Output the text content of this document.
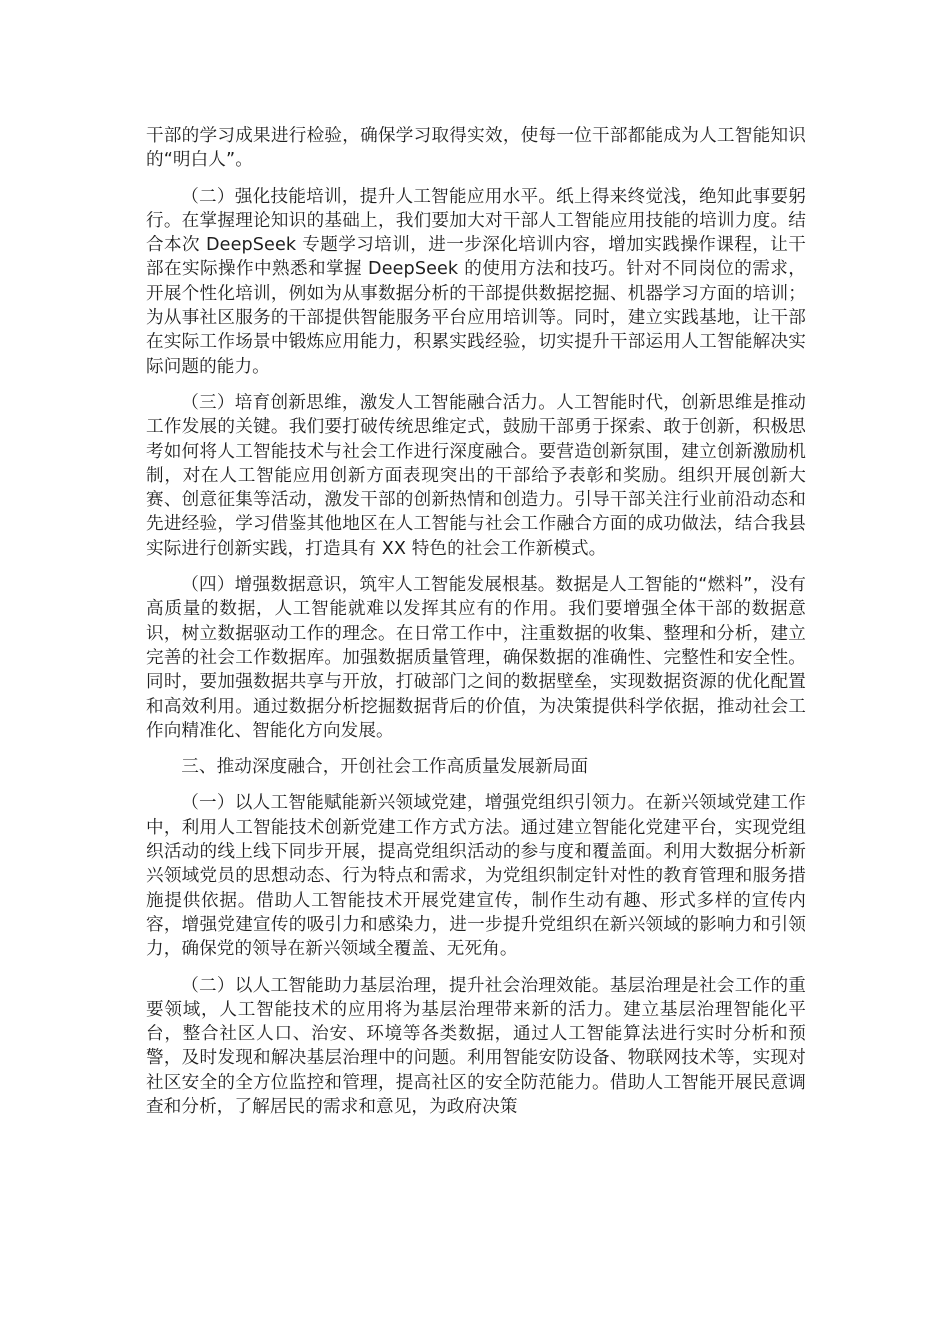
干部的学习成果进行检验，确保学习取得实效，使每一位干部都能成为人工智能知识的“明白人”。

（二）强化技能培训，提升人工智能应用水平。纸上得来终觉浅，绝知此事要躬行。在掌握理论知识的基础上，我们要加大对干部人工智能应用技能的培训力度。结合本次 DeepSeek 专题学习培训，进一步深化培训内容，增加实践操作课程，让干部在实际操作中熟悉和掌握 DeepSeek 的使用方法和技巧。针对不同岗位的需求，开展个性化培训，例如为从事数据分析的干部提供数据挖掘、机器学习方面的培训；为从事社区服务的干部提供智能服务平台应用培训等。同时，建立实践基地，让干部在实际工作场景中锻炼应用能力，积累实践经验，切实提升干部运用人工智能解决实际问题的能力。

（三）培育创新思维，激发人工智能融合活力。人工智能时代，创新思维是推动工作发展的关键。我们要打破传统思维定式，鼓励干部勇于探索、敢于创新，积极思考如何将人工智能技术与社会工作进行深度融合。要营造创新氛围，建立创新激励机制，对在人工智能应用创新方面表现突出的干部给予表彰和奖励。组织开展创新大赛、创意征集等活动，激发干部的创新热情和创造力。引导干部关注行业前沿动态和先进经验，学习借鉴其他地区在人工智能与社会工作融合方面的成功做法，结合我县实际进行创新实践，打造具有 XX 特色的社会工作新模式。

（四）增强数据意识，筑牢人工智能发展根基。数据是人工智能的“燃料”，没有高质量的数据，人工智能就难以发挥其应有的作用。我们要增强全体干部的数据意识，树立数据驱动工作的理念。在日常工作中，注重数据的收集、整理和分析，建立完善的社会工作数据库。加强数据质量管理，确保数据的准确性、完整性和安全性。同时，要加强数据共享与开放，打破部门之间的数据壁垒，实现数据资源的优化配置和高效利用。通过数据分析挖掘数据背后的价值，为决策提供科学依据，推动社会工作向精准化、智能化方向发展。

三、推动深度融合，开创社会工作高质量发展新局面

（一）以人工智能赋能新兴领域党建，增强党组织引领力。在新兴领域党建工作中，利用人工智能技术创新党建工作方式方法。通过建立智能化党建平台，实现党组织活动的线上线下同步开展，提高党组织活动的参与度和覆盖面。利用大数据分析新兴领域党员的思想动态、行为特点和需求，为党组织制定针对性的教育管理和服务措施提供依据。借助人工智能技术开展党建宣传，制作生动有趣、形式多样的宣传内容，增强党建宣传的吸引力和感染力，进一步提升党组织在新兴领域的影响力和引领力，确保党的领导在新兴领域全覆盖、无死角。

（二）以人工智能助力基层治理，提升社会治理效能。基层治理是社会工作的重要领域，人工智能技术的应用将为基层治理带来新的活力。建立基层治理智能化平台，整合社区人口、治安、环境等各类数据，通过人工智能算法进行实时分析和预警，及时发现和解决基层治理中的问题。利用智能安防设备、物联网技术等，实现对社区安全的全方位监控和管理，提高社区的安全防范能力。借助人工智能开展民意调查和分析，了解居民的需求和意见，为政府决策
